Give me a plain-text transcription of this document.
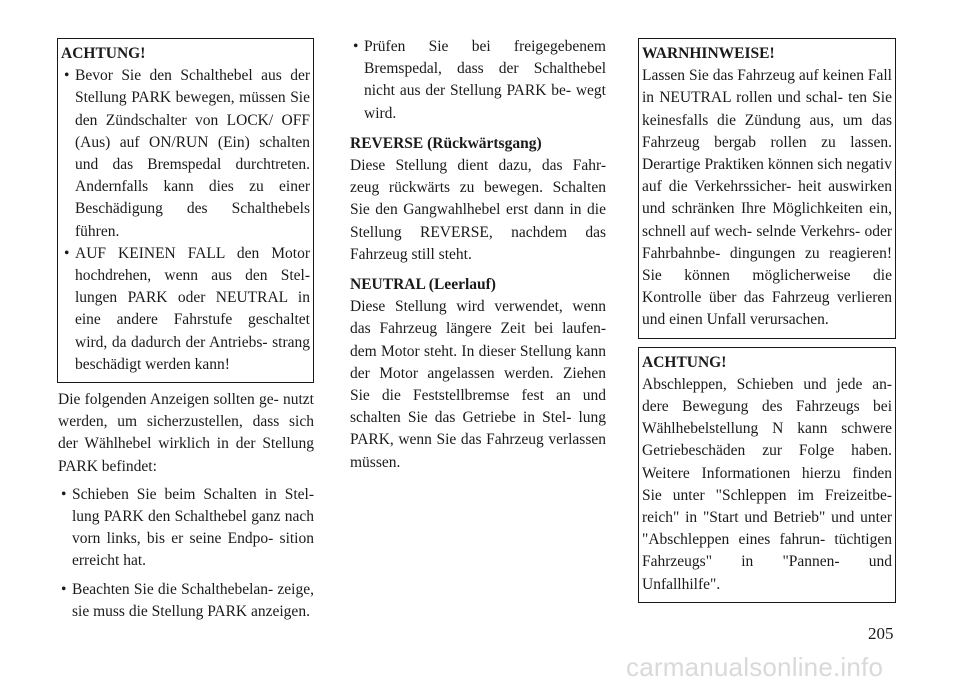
ACHTUNG!
• Bevor Sie den Schalthebel aus der Stellung PARK bewegen, müssen Sie den Zündschalter von LOCK/ OFF (Aus) auf ON/RUN (Ein) schalten und das Bremspedal durchtreten. Andernfalls kann dies zu einer Beschädigung des Schalthebels führen.
• AUF KEINEN FALL den Motor hochdrehen, wenn aus den Stel- lungen PARK oder NEUTRAL in eine andere Fahrstufe geschaltet wird, da dadurch der Antriebs- strang beschädigt werden kann!

Die folgenden Anzeigen sollten ge- nutzt werden, um sicherzustellen, dass sich der Wählhebel wirklich in der Stellung PARK befindet:

• Schieben Sie beim Schalten in Stel- lung PARK den Schalthebel ganz nach vorn links, bis er seine Endpo- sition erreicht hat.
• Beachten Sie die Schalthebelan- zeige, sie muss die Stellung PARK anzeigen.
• Prüfen Sie bei freigegebenem Bremspedal, dass der Schalthebel nicht aus der Stellung PARK be- wegt wird.
REVERSE (Rückwärtsgang)

Diese Stellung dient dazu, das Fahr- zeug rückwärts zu bewegen. Schalten Sie den Gangwahlhebel erst dann in die Stellung REVERSE, nachdem das Fahrzeug still steht.

NEUTRAL (Leerlauf)

Diese Stellung wird verwendet, wenn das Fahrzeug längere Zeit bei laufen- dem Motor steht. In dieser Stellung kann der Motor angelassen werden. Ziehen Sie die Feststellbremse fest an und schalten Sie das Getriebe in Stel- lung PARK, wenn Sie das Fahrzeug verlassen müssen.

WARNHINWEISE!

Lassen Sie das Fahrzeug auf keinen Fall in NEUTRAL rollen und schal- ten Sie keinesfalls die Zündung aus, um das Fahrzeug bergab rollen zu lassen. Derartige Praktiken können sich negativ auf die Verkehrssicher- heit auswirken und schränken Ihre Möglichkeiten ein, schnell auf wech- selnde Verkehrs- oder Fahrbahnbe- dingungen zu reagieren! Sie können möglicherweise die Kontrolle über das Fahrzeug verlieren und einen Unfall verursachen.

ACHTUNG!

Abschleppen, Schieben und jede an- dere Bewegung des Fahrzeugs bei Wählhebelstellung N kann schwere Getriebeschäden zur Folge haben. Weitere Informationen hierzu finden Sie unter "Schleppen im Freizeitbe- reich" in "Start und Betrieb" und unter "Abschleppen eines fahrun- tüchtigen Fahrzeugs" in "Pannen- und Unfallhilfe".

205
carmanualsonline.info
